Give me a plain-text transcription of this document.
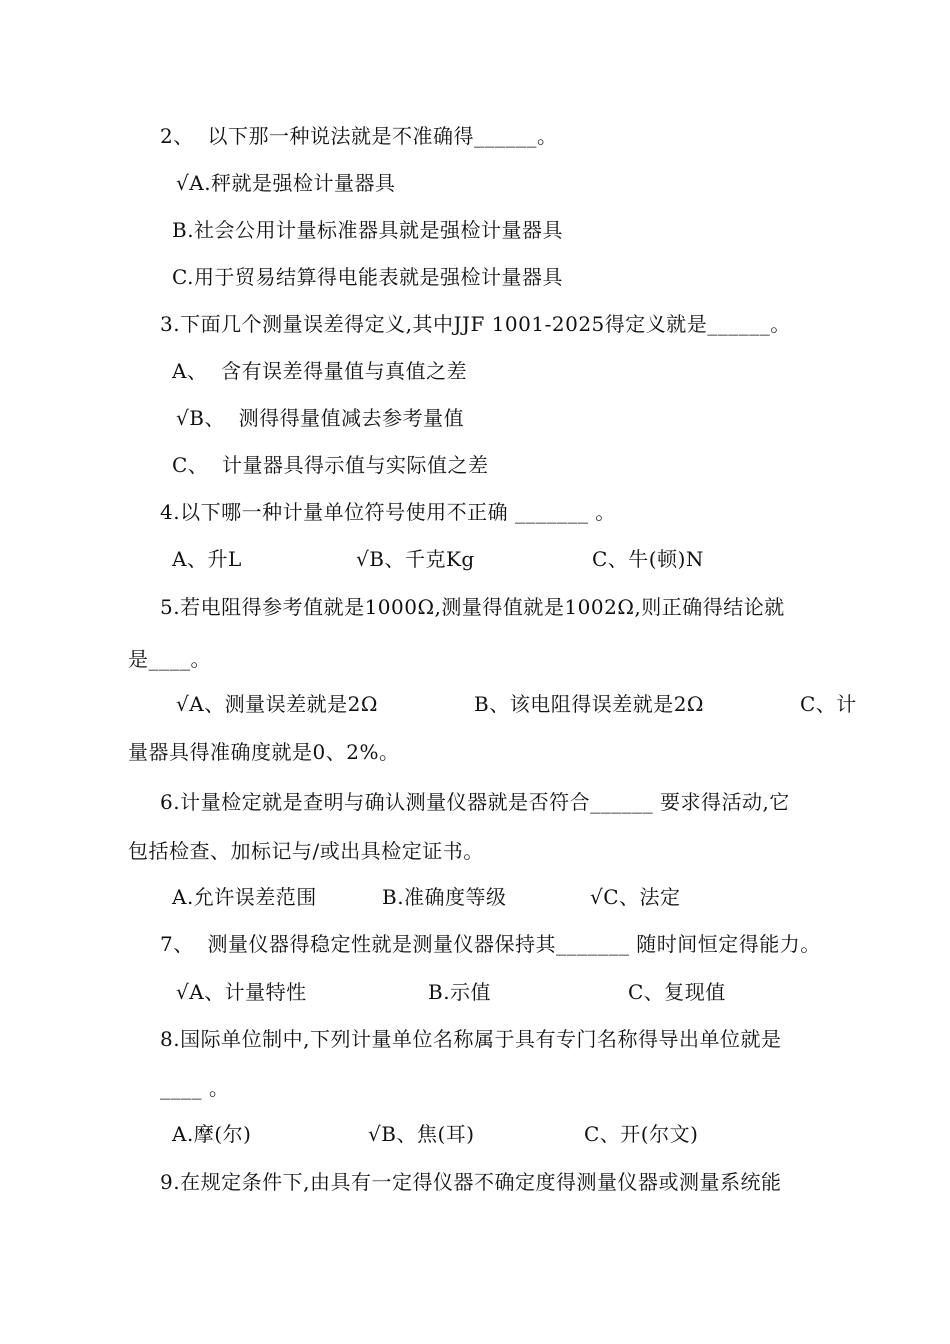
2、  以下那一种说法就是不准确得______。
√A.秤就是强检计量器具
B.社会公用计量标准器具就是强检计量器具
C.用于贸易结算得电能表就是强检计量器具
3.下面几个测量误差得定义,其中JJF 1001-2025得定义就是______。
A、  含有误差得量值与真值之差
√B、  测得得量值减去参考量值
C、  计量器具得示值与实际值之差
4.以下哪一种计量单位符号使用不正确 _______ 。
A、升L	√B、千克Kg	C、牛(顿)N
5.若电阻得参考值就是1000Ω,测量得值就是1002Ω,则正确得结论就
是____。
√A、测量误差就是2Ω	B、该电阻得误差就是2Ω	C、计
量器具得准确度就是0、2%。
6.计量检定就是查明与确认测量仪器就是否符合______ 要求得活动,它
包括检查、加标记与/或出具检定证书。
A.允许误差范围	B.准确度等级	√C、法定
7、  测量仪器得稳定性就是测量仪器保持其_______ 随时间恒定得能力。
√A、计量特性	B.示值	C、复现值
8.国际单位制中,下列计量单位名称属于具有专门名称得导出单位就是
____ 。
A.摩(尔)	√B、焦(耳)	C、开(尔文)
9.在规定条件下,由具有一定得仪器不确定度得测量仪器或测量系统能
